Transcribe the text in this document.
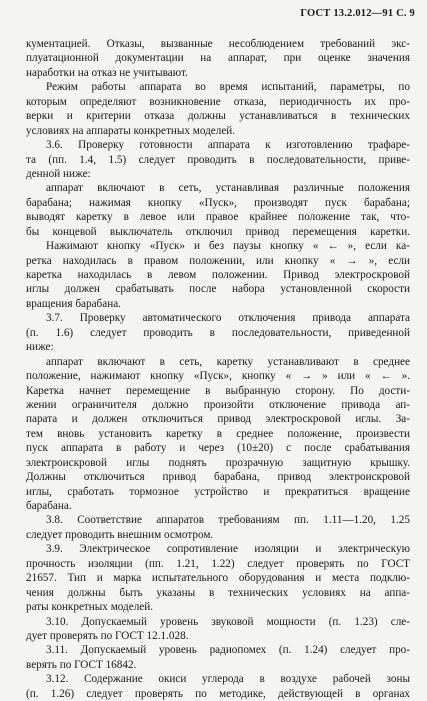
ГОСТ 13.2.012—91 С. 9
кументацией. Отказы, вызванные несоблюдением требований экс-
плуатационной документации на аппарат, при оценке значения
наработки на отказ не учитывают.
Режим работы аппарата во время испытаний, параметры, по
которым определяют возникновение отказа, периодичность их про-
верки и критерии отказа должны устанавливаться в технических
условиях на аппараты конкретных моделей.
3.6. Проверку готовности аппарата к изготовлению трафаре-
та (пп. 1.4, 1.5) следует проводить в последовательности, приве-
денной ниже:
аппарат включают в сеть, устанавливая различные положения
барабана; нажимая кнопку «Пуск», производят пуск барабана;
выводят каретку в левое или правое крайнее положение так, что-
бы концевой выключатель отключил привод перемещения каретки.
Нажимают кнопку «Пуск» и без паузы кнопку « ← », если кa-
ретка находилась в правом положении, или кнопку « → », если
каретка находилась в левом положении. Привод электроскровой
иглы должен срабатывать после набора установленной скорости
вращения барабана.
3.7. Проверку автоматического отключения привода аппарата
(п. 1.6) следует проводить в последовательности, приведенной
ниже:
аппарат включают в сеть, каретку устанавливают в среднее
положение, нажимают кнопку «Пуск», кнопку « → » или « ← ».
Каретка начнет перемещение в выбранную сторону. По дости-
жении ограничителя должно произойти отключение привода ап-
парата и должен отключиться привод электроскровой иглы. За-
тем вновь установить каретку в среднее положение, произвести
пуск аппарата в работу и через (10±20) с после срабатывания
электроискровой иглы поднять прозрачную защитную крышку.
Должны отключиться привод барабана, привод электроискровой
иглы, сработать тормозное устройство и прекратиться вращение
барабана.
3.8. Соответствие аппаратов требованиям пп. 1.11—1.20, 1.25
следует проводить внешним осмотром.
3.9. Электрическое сопротивление изоляции и электрическую
прочность изоляции (пп. 1.21, 1.22) следует проверять по ГОСТ
21657. Тип и марка испытательного оборудования и места подклю-
чения должны быть указаны в технических условиях на аппа-
раты конкретных моделей.
3.10. Допускаемый уровень звуковой мощности (п. 1.23) сле-
дует проверять по ГОСТ 12.1.028.
3.11. Допускаемый уровень радиопомех (п. 1.24) следует про-
верять по ГОСТ 16842.
3.12. Содержание окиси углерода в воздухе рабочей зоны
(п. 1.26) следует проверять по методике, действующей в органах
